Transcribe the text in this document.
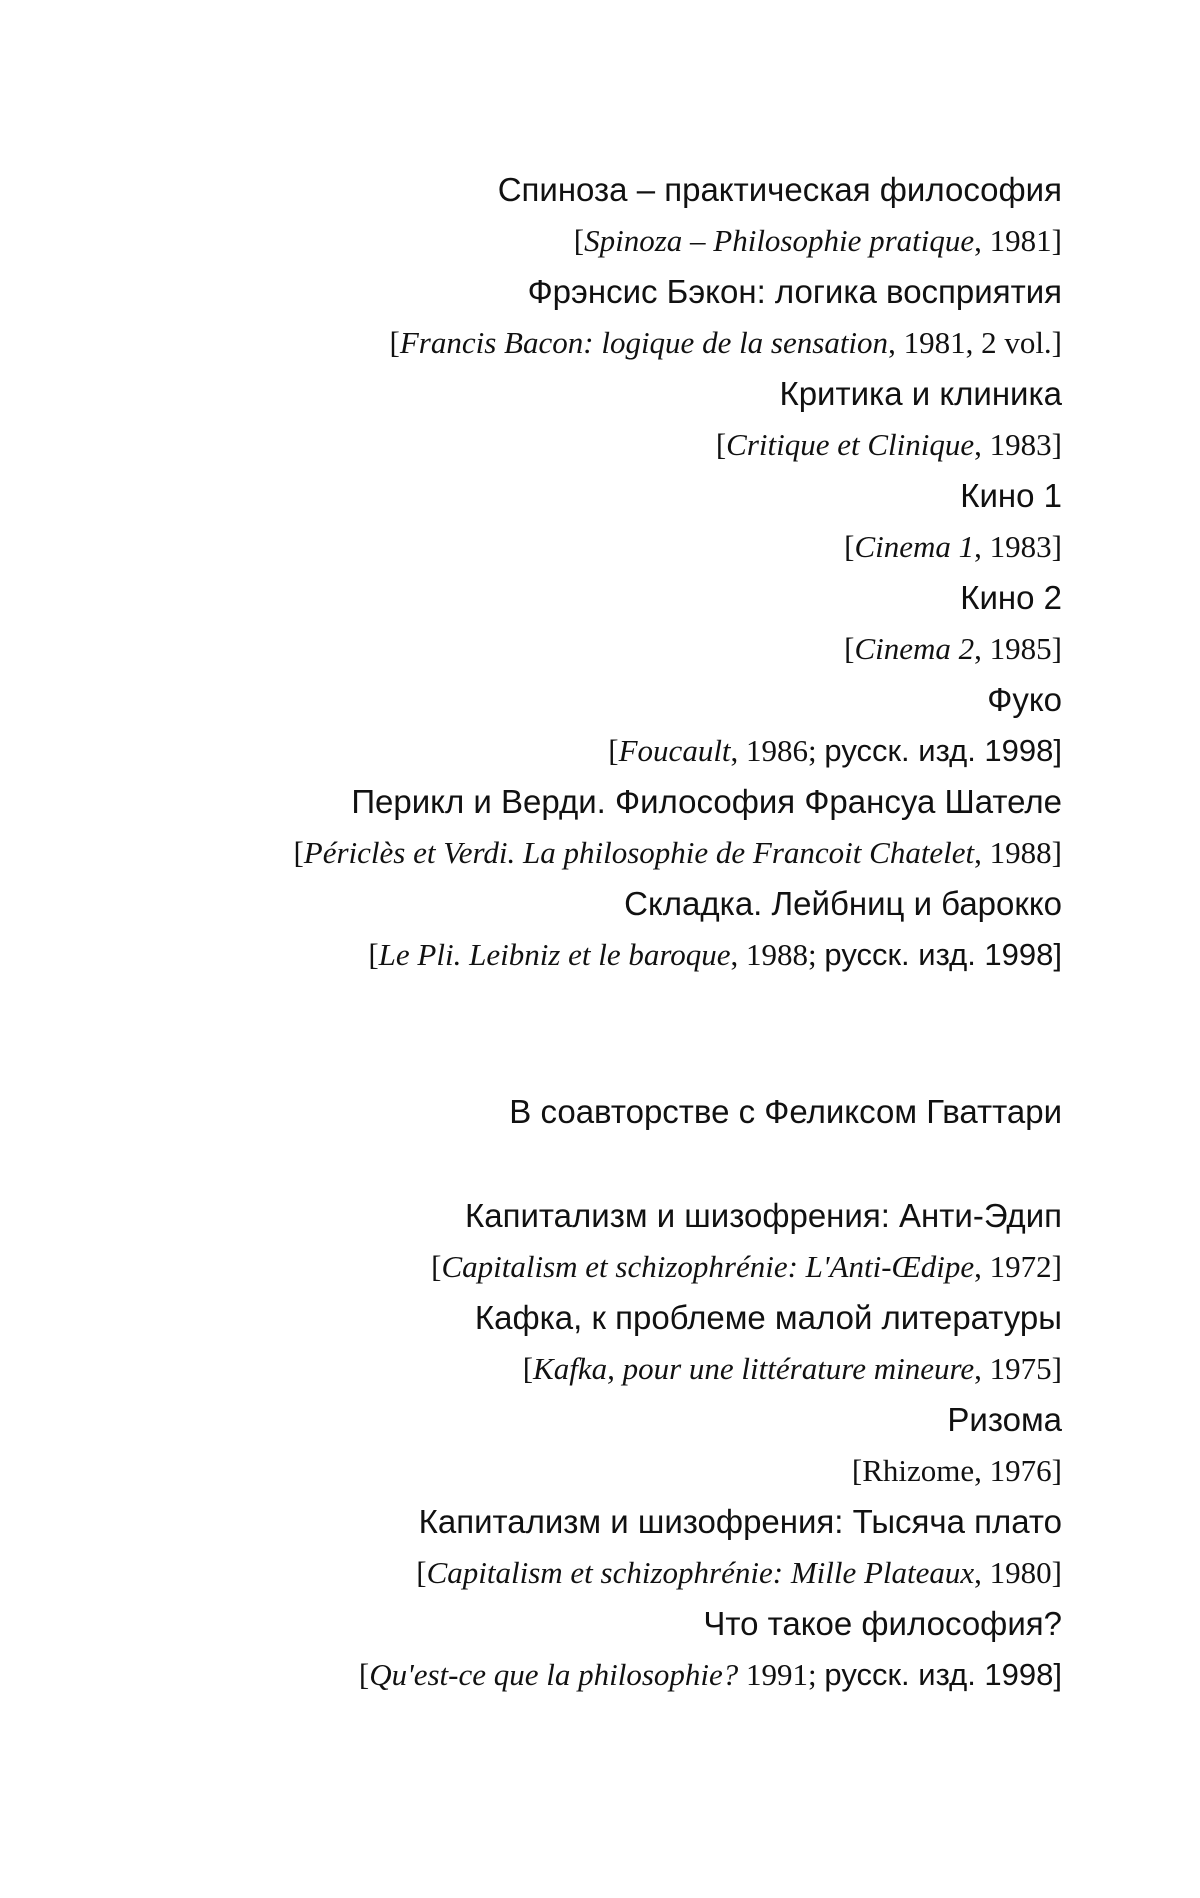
Спиноза – практическая философия
[Spinoza – Philosophie pratique, 1981]
Фрэнсис Бэкон: логика восприятия
[Francis Bacon: logique de la sensation, 1981, 2 vol.]
Критика и клиника
[Critique et Clinique, 1983]
Кино 1
[Cinema 1, 1983]
Кино 2
[Cinema 2, 1985]
Фуко
[Foucault, 1986; русск. изд. 1998]
Перикл и Верди. Философия Франсуа Шателе
[Périclès et Verdi. La philosophie de Francoit Chatelet, 1988]
Складка. Лейбниц и барокко
[Le Pli. Leibniz et le baroque, 1988; русск. изд. 1998]
В соавторстве с Феликсом Гваттари
Капитализм и шизофрения: Анти-Эдип
[Capitalism et schizophrénie: L'Anti-Œdipe, 1972]
Кафка, к проблеме малой литературы
[Kafka, pour une littérature mineure, 1975]
Ризома
[Rhizome, 1976]
Капитализм и шизофрения: Тысяча плато
[Capitalism et schizophrénie: Mille Plateaux, 1980]
Что такое философия?
[Qu'est-ce que la philosophie? 1991; русск. изд. 1998]
